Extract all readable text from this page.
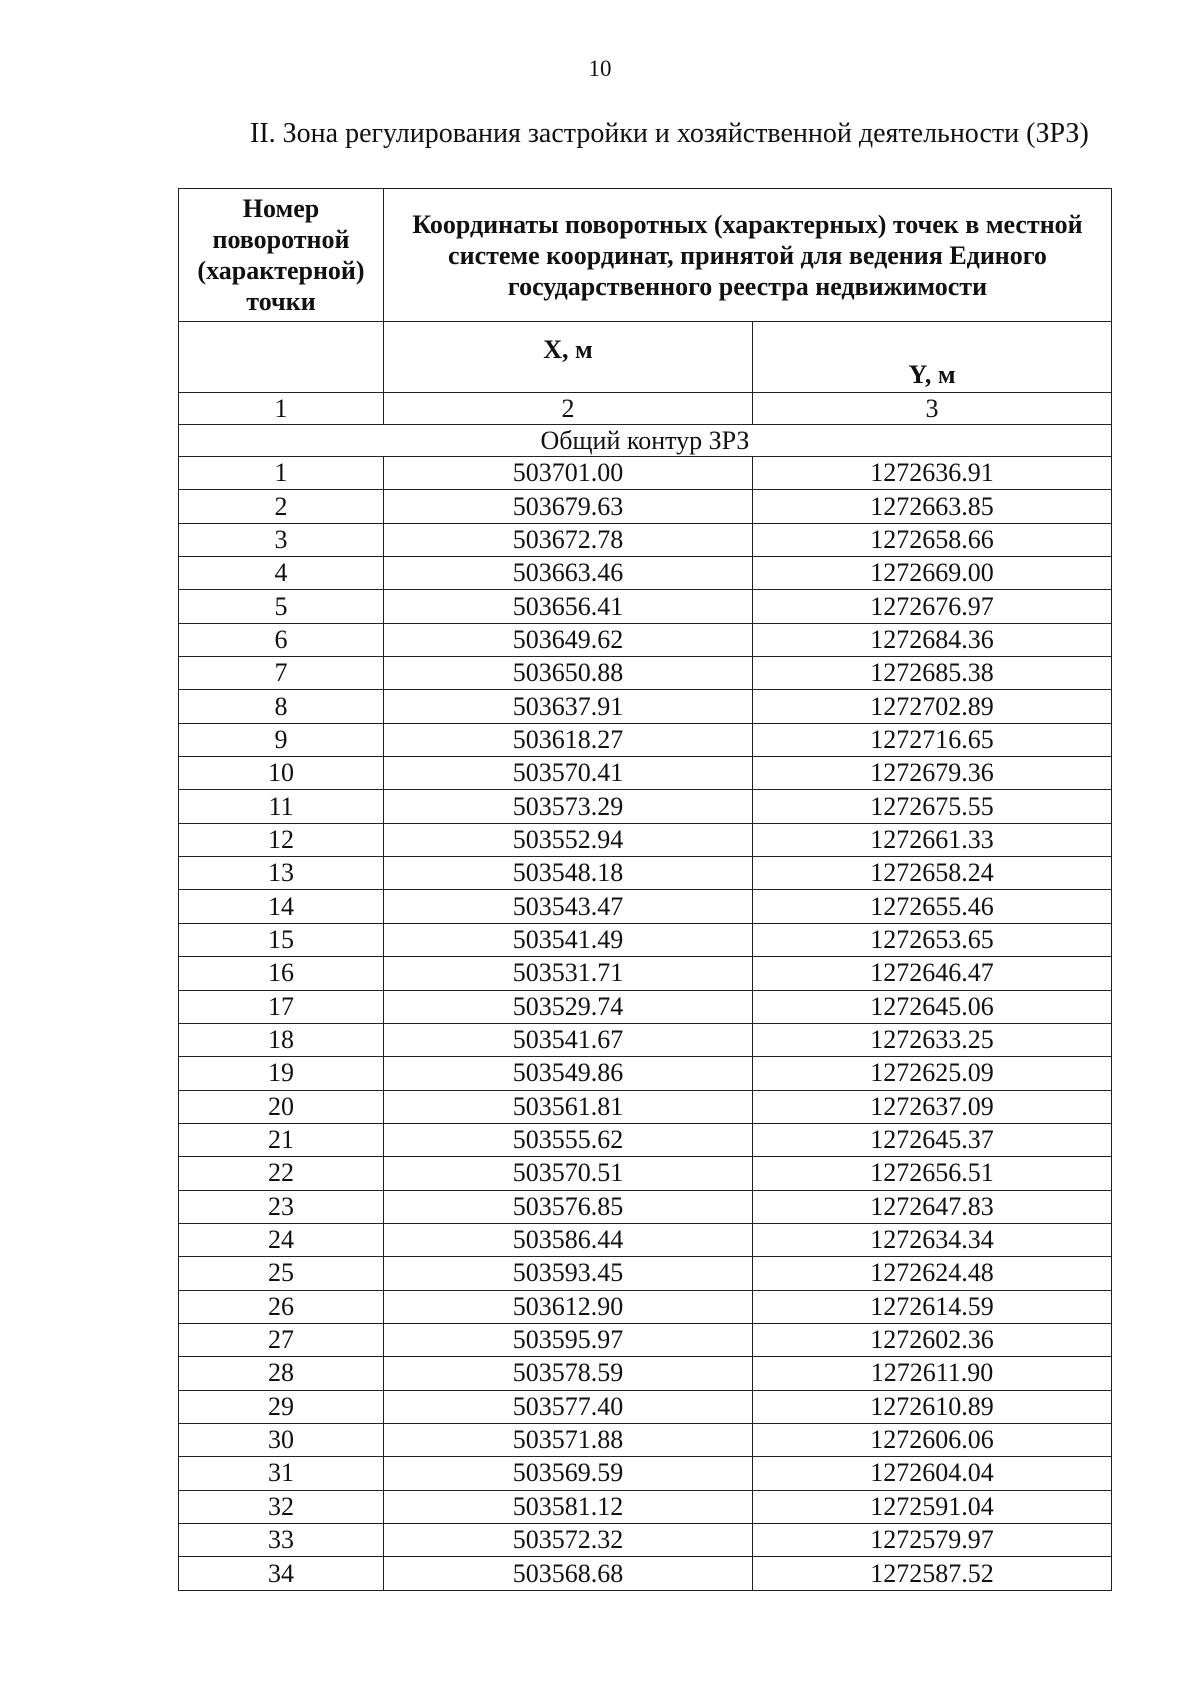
10
II. Зона регулирования застройки и хозяйственной деятельности (ЗРЗ)
Номер поворотной (характерной) точки	Координаты поворотных (характерных) точек в местной системе координат, принятой для ведения Единого государственного реестра недвижимости	
	X, м	Y, м
1	2	3
Общий контур ЗРЗ		
1	503701.00	1272636.91
2	503679.63	1272663.85
3	503672.78	1272658.66
4	503663.46	1272669.00
5	503656.41	1272676.97
6	503649.62	1272684.36
7	503650.88	1272685.38
8	503637.91	1272702.89
9	503618.27	1272716.65
10	503570.41	1272679.36
11	503573.29	1272675.55
12	503552.94	1272661.33
13	503548.18	1272658.24
14	503543.47	1272655.46
15	503541.49	1272653.65
16	503531.71	1272646.47
17	503529.74	1272645.06
18	503541.67	1272633.25
19	503549.86	1272625.09
20	503561.81	1272637.09
21	503555.62	1272645.37
22	503570.51	1272656.51
23	503576.85	1272647.83
24	503586.44	1272634.34
25	503593.45	1272624.48
26	503612.90	1272614.59
27	503595.97	1272602.36
28	503578.59	1272611.90
29	503577.40	1272610.89
30	503571.88	1272606.06
31	503569.59	1272604.04
32	503581.12	1272591.04
33	503572.32	1272579.97
34	503568.68	1272587.52
